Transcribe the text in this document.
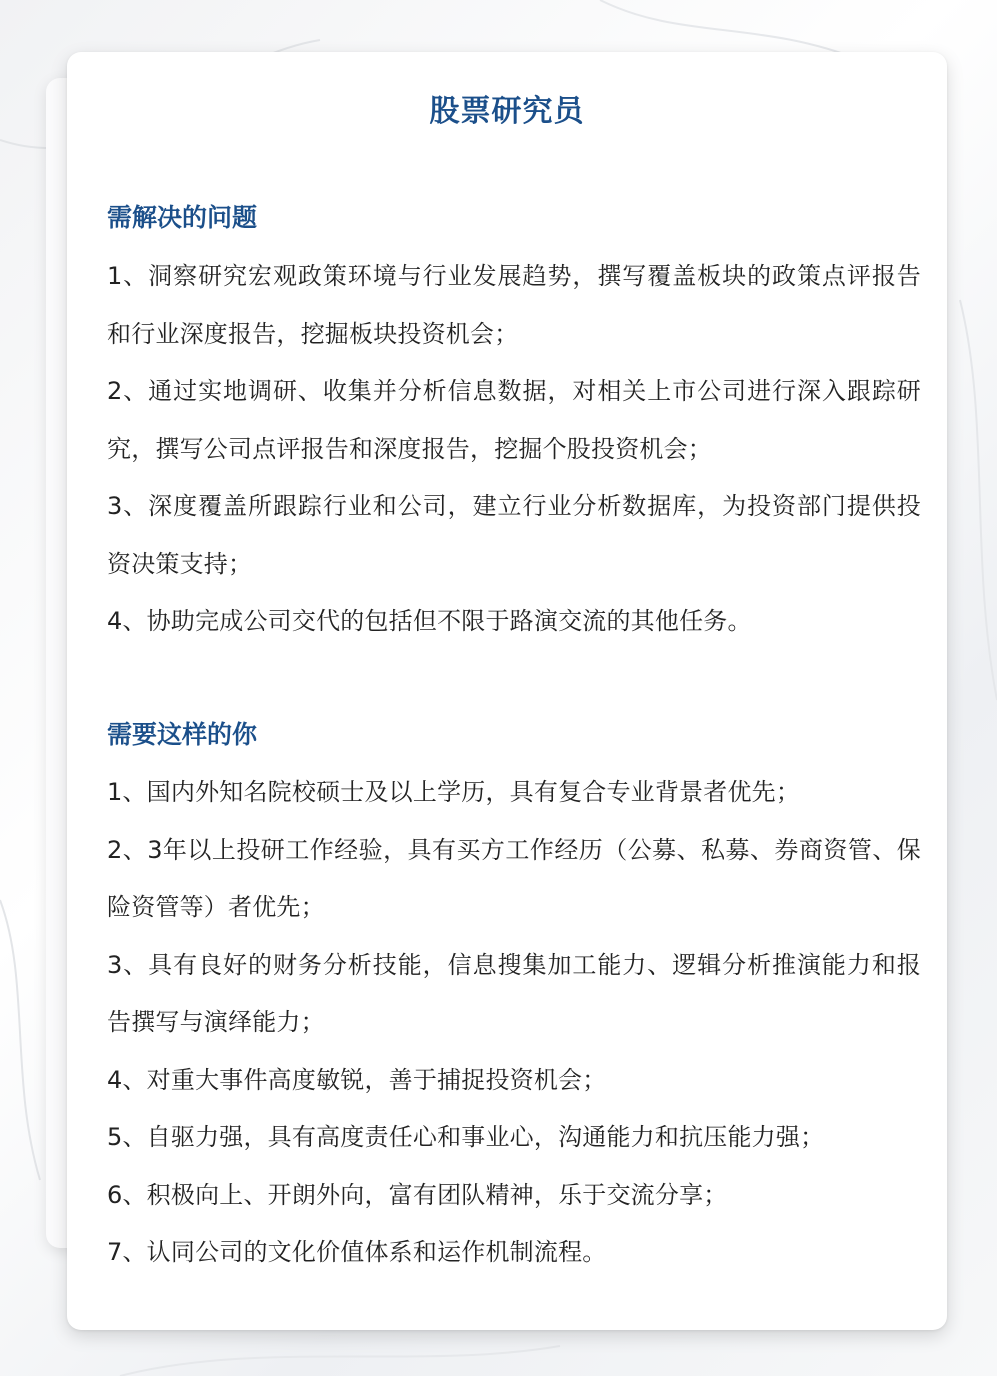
股票研究员
需解决的问题
1、洞察研究宏观政策环境与行业发展趋势，撰写覆盖板块的政策点评报告和行业深度报告，挖掘板块投资机会；
2、通过实地调研、收集并分析信息数据，对相关上市公司进行深入跟踪研究，撰写公司点评报告和深度报告，挖掘个股投资机会；
3、深度覆盖所跟踪行业和公司，建立行业分析数据库，为投资部门提供投资决策支持；
4、协助完成公司交代的包括但不限于路演交流的其他任务。
需要这样的你
1、国内外知名院校硕士及以上学历，具有复合专业背景者优先；
2、3年以上投研工作经验，具有买方工作经历（公募、私募、券商资管、保险资管等）者优先；
3、具有良好的财务分析技能，信息搜集加工能力、逻辑分析推演能力和报告撰写与演绎能力；
4、对重大事件高度敏锐，善于捕捉投资机会；
5、自驱力强，具有高度责任心和事业心，沟通能力和抗压能力强；
6、积极向上、开朗外向，富有团队精神，乐于交流分享；
7、认同公司的文化价值体系和运作机制流程。
